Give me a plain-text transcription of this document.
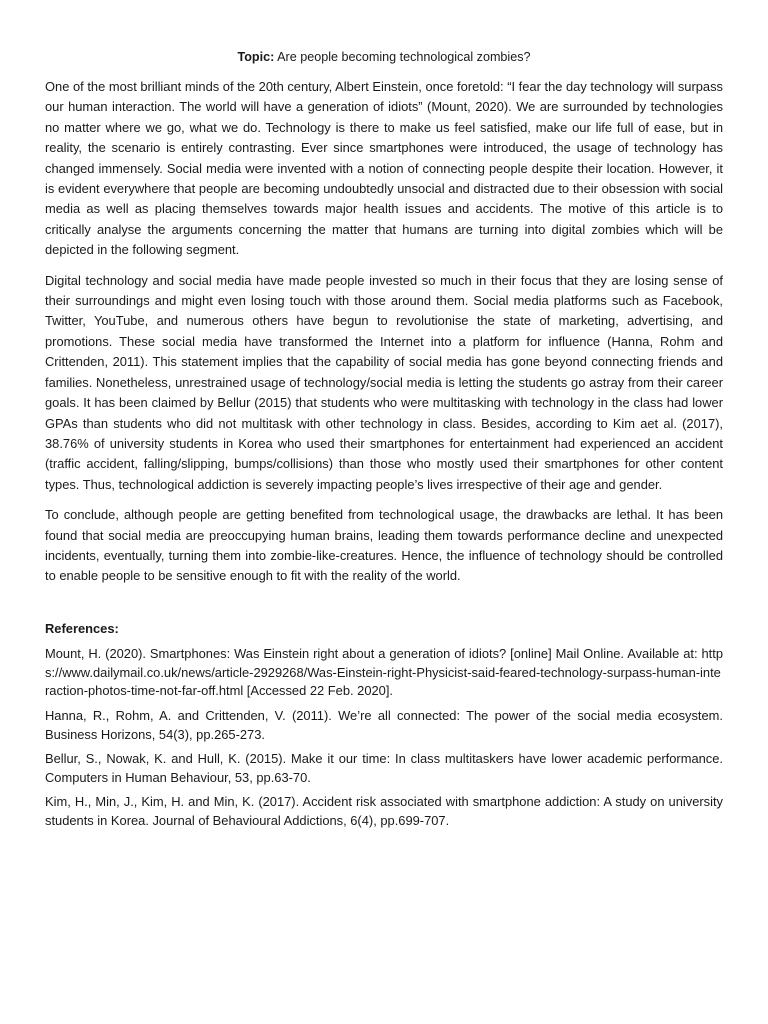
Topic: Are people becoming technological zombies?

One of the most brilliant minds of the 20th century, Albert Einstein, once foretold: “I fear the day technology will surpass our human interaction. The world will have a generation of idiots” (Mount, 2020). We are surrounded by technologies no matter where we go, what we do. Technology is there to make us feel satisfied, make our life full of ease, but in reality, the scenario is entirely contrasting. Ever since smartphones were introduced, the usage of technology has changed immensely. Social media were invented with a notion of connecting people despite their location. However, it is evident everywhere that people are becoming undoubtedly unsocial and distracted due to their obsession with social media as well as placing themselves towards major health issues and accidents. The motive of this article is to critically analyse the arguments concerning the matter that humans are turning into digital zombies which will be depicted in the following segment.

Digital technology and social media have made people invested so much in their focus that they are losing sense of their surroundings and might even losing touch with those around them. Social media platforms such as Facebook, Twitter, YouTube, and numerous others have begun to revolutionise the state of marketing, advertising, and promotions. These social media have transformed the Internet into a platform for influence (Hanna, Rohm and Crittenden, 2011). This statement implies that the capability of social media has gone beyond connecting friends and families. Nonetheless, unrestrained usage of technology/social media is letting the students go astray from their career goals. It has been claimed by Bellur (2015) that students who were multitasking with technology in the class had lower GPAs than students who did not multitask with other technology in class. Besides, according to Kim aet al. (2017), 38.76% of university students in Korea who used their smartphones for entertainment had experienced an accident (traffic accident, falling/slipping, bumps/collisions) than those who mostly used their smartphones for other content types. Thus, technological addiction is severely impacting people’s lives irrespective of their age and gender.

To conclude, although people are getting benefited from technological usage, the drawbacks are lethal. It has been found that social media are preoccupying human brains, leading them towards performance decline and unexpected incidents, eventually, turning them into zombie-like-creatures. Hence, the influence of technology should be controlled to enable people to be sensitive enough to fit with the reality of the world.

References:

Mount, H. (2020). Smartphones: Was Einstein right about a generation of idiots? [online] Mail Online. Available at: https://www.dailymail.co.uk/news/article-2929268/Was-Einstein-right-Physicist-said-feared-technology-surpass-human-interaction-photos-time-not-far-off.html [Accessed 22 Feb. 2020].

Hanna, R., Rohm, A. and Crittenden, V. (2011). We’re all connected: The power of the social media ecosystem. Business Horizons, 54(3), pp.265-273.

Bellur, S., Nowak, K. and Hull, K. (2015). Make it our time: In class multitaskers have lower academic performance. Computers in Human Behaviour, 53, pp.63-70.

Kim, H., Min, J., Kim, H. and Min, K. (2017). Accident risk associated with smartphone addiction: A study on university students in Korea. Journal of Behavioural Addictions, 6(4), pp.699-707.
